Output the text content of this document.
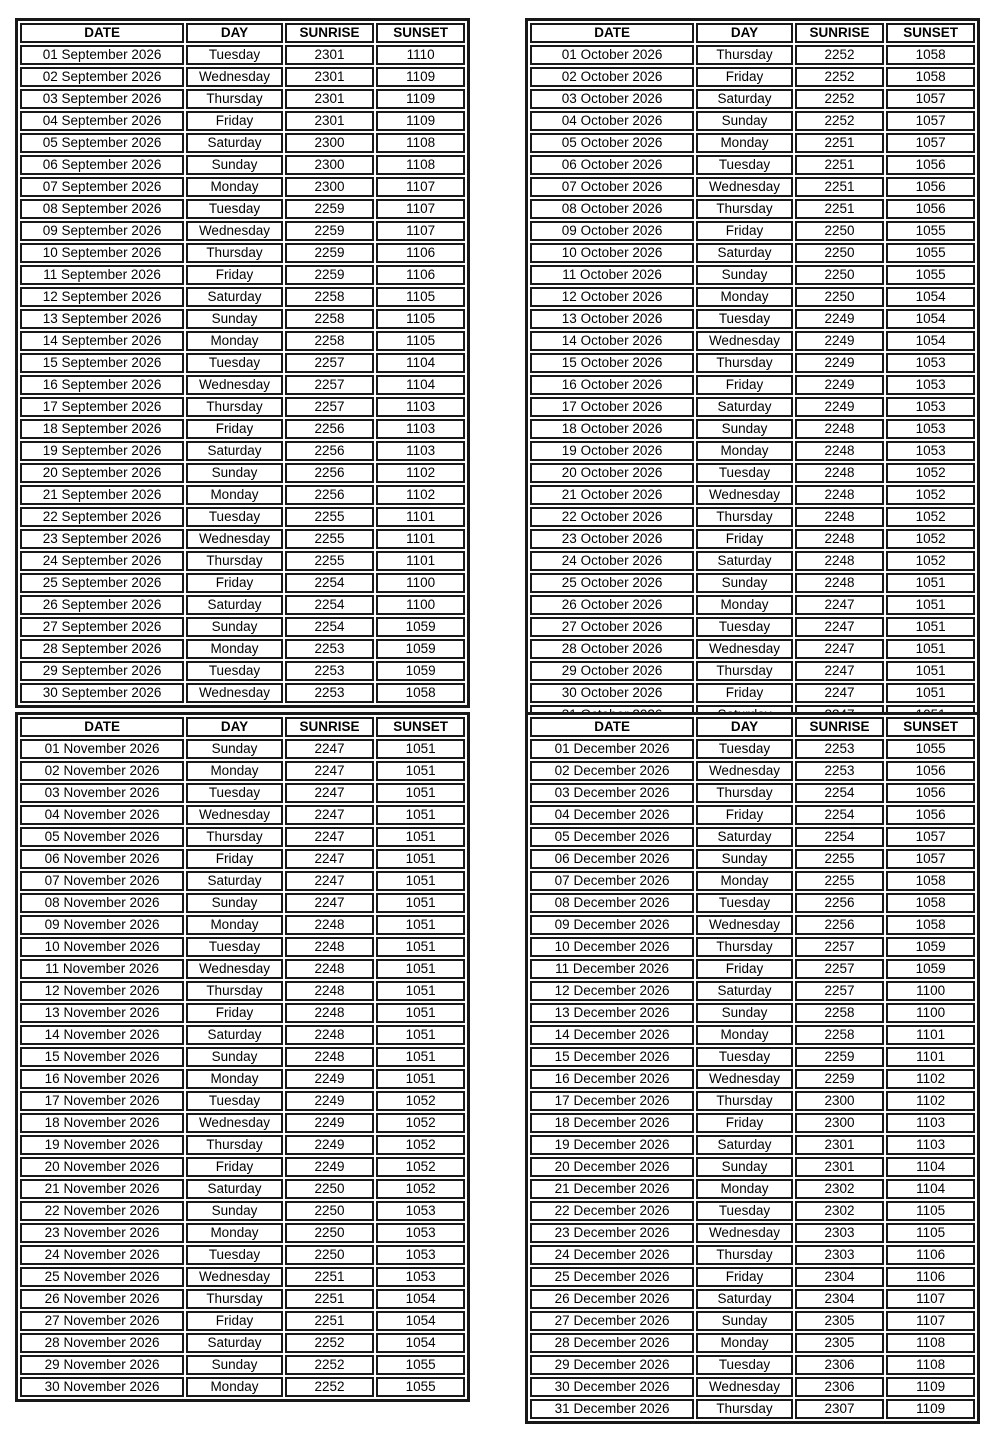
DATE	DAY	SUNRISE	SUNSET
01 September 2026	Tuesday	2301	1110
02 September 2026	Wednesday	2301	1109
03 September 2026	Thursday	2301	1109
04 September 2026	Friday	2301	1109
05 September 2026	Saturday	2300	1108
06 September 2026	Sunday	2300	1108
07 September 2026	Monday	2300	1107
08 September 2026	Tuesday	2259	1107
09 September 2026	Wednesday	2259	1107
10 September 2026	Thursday	2259	1106
11 September 2026	Friday	2259	1106
12 September 2026	Saturday	2258	1105
13 September 2026	Sunday	2258	1105
14 September 2026	Monday	2258	1105
15 September 2026	Tuesday	2257	1104
16 September 2026	Wednesday	2257	1104
17 September 2026	Thursday	2257	1103
18 September 2026	Friday	2256	1103
19 September 2026	Saturday	2256	1103
20 September 2026	Sunday	2256	1102
21 September 2026	Monday	2256	1102
22 September 2026	Tuesday	2255	1101
23 September 2026	Wednesday	2255	1101
24 September 2026	Thursday	2255	1101
25 September 2026	Friday	2254	1100
26 September 2026	Saturday	2254	1100
27 September 2026	Sunday	2254	1059
28 September 2026	Monday	2253	1059
29 September 2026	Tuesday	2253	1059
30 September 2026	Wednesday	2253	1058
DATE	DAY	SUNRISE	SUNSET
01 October 2026	Thursday	2252	1058
02 October 2026	Friday	2252	1058
03 October 2026	Saturday	2252	1057
04 October 2026	Sunday	2252	1057
05 October 2026	Monday	2251	1057
06 October 2026	Tuesday	2251	1056
07 October 2026	Wednesday	2251	1056
08 October 2026	Thursday	2251	1056
09 October 2026	Friday	2250	1055
10 October 2026	Saturday	2250	1055
11 October 2026	Sunday	2250	1055
12 October 2026	Monday	2250	1054
13 October 2026	Tuesday	2249	1054
14 October 2026	Wednesday	2249	1054
15 October 2026	Thursday	2249	1053
16 October 2026	Friday	2249	1053
17 October 2026	Saturday	2249	1053
18 October 2026	Sunday	2248	1053
19 October 2026	Monday	2248	1053
20 October 2026	Tuesday	2248	1052
21 October 2026	Wednesday	2248	1052
22 October 2026	Thursday	2248	1052
23 October 2026	Friday	2248	1052
24 October 2026	Saturday	2248	1052
25 October 2026	Sunday	2248	1051
26 October 2026	Monday	2247	1051
27 October 2026	Tuesday	2247	1051
28 October 2026	Wednesday	2247	1051
29 October 2026	Thursday	2247	1051
30 October 2026	Friday	2247	1051

DATE	DAY	SUNRISE	SUNSET
01 November 2026	Sunday	2247	1051
02 November 2026	Monday	2247	1051
03 November 2026	Tuesday	2247	1051
04 November 2026	Wednesday	2247	1051
05 November 2026	Thursday	2247	1051
06 November 2026	Friday	2247	1051
07 November 2026	Saturday	2247	1051
08 November 2026	Sunday	2247	1051
09 November 2026	Monday	2248	1051
10 November 2026	Tuesday	2248	1051
11 November 2026	Wednesday	2248	1051
12 November 2026	Thursday	2248	1051
13 November 2026	Friday	2248	1051
14 November 2026	Saturday	2248	1051
15 November 2026	Sunday	2248	1051
16 November 2026	Monday	2249	1051
17 November 2026	Tuesday	2249	1052
18 November 2026	Wednesday	2249	1052
19 November 2026	Thursday	2249	1052
20 November 2026	Friday	2249	1052
21 November 2026	Saturday	2250	1052
22 November 2026	Sunday	2250	1053
23 November 2026	Monday	2250	1053
24 November 2026	Tuesday	2250	1053
25 November 2026	Wednesday	2251	1053
26 November 2026	Thursday	2251	1054
27 November 2026	Friday	2251	1054
28 November 2026	Saturday	2252	1054
29 November 2026	Sunday	2252	1055
30 November 2026	Monday	2252	1055
DATE	DAY	SUNRISE	SUNSET
01 December 2026	Tuesday	2253	1055
02 December 2026	Wednesday	2253	1056
03 December 2026	Thursday	2254	1056
04 December 2026	Friday	2254	1056
05 December 2026	Saturday	2254	1057
06 December 2026	Sunday	2255	1057
07 December 2026	Monday	2255	1058
08 December 2026	Tuesday	2256	1058
09 December 2026	Wednesday	2256	1058
10 December 2026	Thursday	2257	1059
11 December 2026	Friday	2257	1059
12 December 2026	Saturday	2257	1100
13 December 2026	Sunday	2258	1100
14 December 2026	Monday	2258	1101
15 December 2026	Tuesday	2259	1101
16 December 2026	Wednesday	2259	1102
17 December 2026	Thursday	2300	1102
18 December 2026	Friday	2300	1103
19 December 2026	Saturday	2301	1103
20 December 2026	Sunday	2301	1104
21 December 2026	Monday	2302	1104
22 December 2026	Tuesday	2302	1105
23 December 2026	Wednesday	2303	1105
24 December 2026	Thursday	2303	1106
25 December 2026	Friday	2304	1106
26 December 2026	Saturday	2304	1107
27 December 2026	Sunday	2305	1107
28 December 2026	Monday	2305	1108
29 December 2026	Tuesday	2306	1108
30 December 2026	Wednesday	2306	1109
31 December 2026	Thursday	2307	1109
